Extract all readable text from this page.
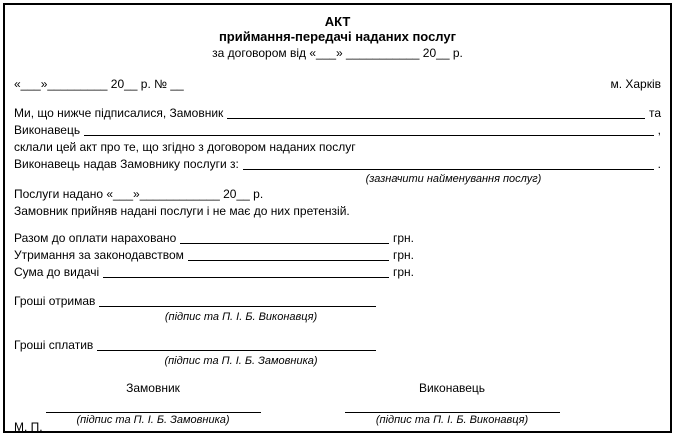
АКТ
приймання-передачі наданих послуг
за договором від «___» ___________ 20__ р.
«___»_________ 20__ р. № __	м. Харків
Ми, що нижче підписалися, Замовник	та
Виконавець	,
склали цей акт про те, що згідно з договором наданих послуг
Виконавець надав Замовнику послуги з:	.
(зазначити найменування послуг)
Послуги надано «___»____________ 20__ р.
Замовник прийняв надані послуги і не має до них претензій.
Разом до оплати нараховано	грн.
Утримання за законодавством	грн.
Сума до видачі	грн.
Гроші отримав
(підпис та П. І. Б. Виконавця)
Гроші сплатив
(підпис та П. І. Б. Замовника)
Замовник
(підпис та П. І. Б. Замовника)
Виконавець
(підпис та П. І. Б. Виконавця)
М. П.
